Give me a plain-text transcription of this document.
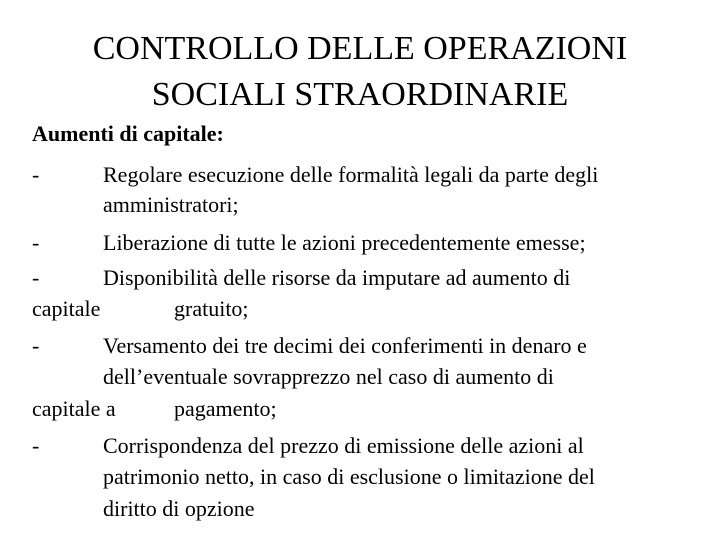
CONTROLLO DELLE OPERAZIONI
SOCIALI STRAORDINARIE
Aumenti di capitale:
-	Regolare esecuzione delle formalità legali da parte degli
amministratori;
-	Liberazione di tutte le azioni precedentemente emesse;
-	Disponibilità delle risorse da imputare ad aumento di
capitale	gratuito;
-	Versamento dei tre decimi dei conferimenti in denaro e
dell’eventuale sovrapprezzo nel caso di aumento di
capitale a	pagamento;
-	Corrispondenza del prezzo di emissione delle azioni al
patrimonio netto, in caso di esclusione o limitazione del
diritto di opzione
